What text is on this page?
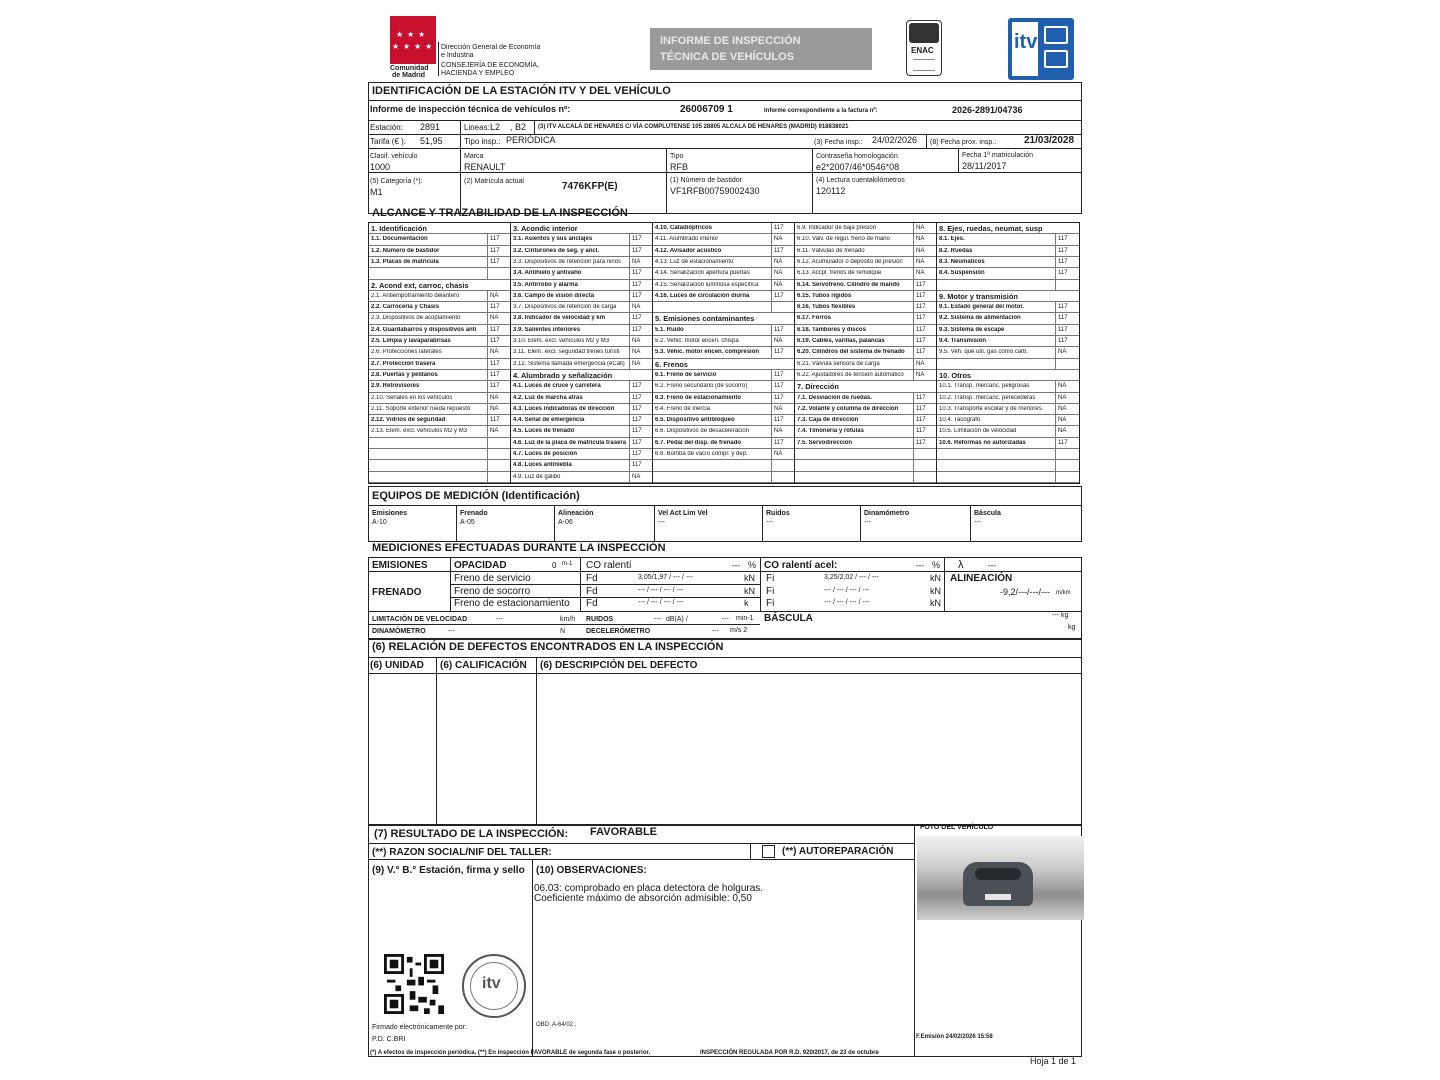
★ ★ ★
★ ★ ★ ★
Comunidad
de Madrid
Dirección General de Economía
e Industria
CONSEJERÍA DE ECONOMÍA,
HACIENDA Y EMPLEO
INFORME DE INSPECCIÓN
TÉCNICA DE VEHÍCULOS
ENAC	itv
IDENTIFICACIÓN DE LA ESTACIÓN ITV Y DEL VEHÍCULO
Informe de inspección técnica de vehículos nº:	26006709 1	Informe correspondiente a la factura nº:	2026-2891/04736
Estación: 2891	Lineas: L2 , B2 (3) ITV ALCALÁ DE HENARES C/ VÍA COMPLUTENSE 105 28805 ALCALA DE HENARES (MADRID) 918838021
Tarifa (€ ): 51,95	Tipo insp.: PERIÓDICA	(3) Fecha insp.: 24/02/2026 (8) Fecha prox. insp.:	21/03/2028
Clasif. vehículo
1000
Marca
RENAULT
Tipo
RFB
Contraseña homologación
e2*2007/46*0546*08
Fecha 1ª matriculación
28/11/2017
(5) Categoría (*):
M1
(2) Matrícula actual	7476KFP(E)
(1) Número de bastidor
VF1RFB00759002430
(4) Lectura cuentakilómetros
120112
ALCANCE Y TRAZABILIDAD DE LA INSPECCIÓN
1. Identificación
1.1. Documentación	117
1.2. Número de bastidor	117
1.3. Placas de matrícula	117
2. Acond ext, carroc, chasis
2.1. Antiempotramiento delantero	NA
2.2. Carrocería y Chasis	117
2.3. Dispositivos de acoplamiento	NA
2.4. Guardabarros y dispositivos anti	117
2.5. Limpia y lavaparabrisas	117
2.6. Protecciones laterales	NA
2.7. Protección trasera	117
2.8. Puertas y peldaños	117
2.9. Retrovisores	117
2.10. Señales en los vehículos	NA
2.11. Soporte exterior rueda repuesto	NA
2.12. Vidrios de seguridad	117
2.13. Elem. excl. vehículos M2 y M3	NA
3. Acondic interior
3.1. Asientos y sus anclajes	117
3.2. Cinturones de seg. y ancl.	117
3.3. Dispositivos de retención para niños	NA
3.4. Antihielo y antivaho	117
3.5. Antirrobo y alarma	117
3.6. Campo de visión directa	117
3.7. Dispositivos de retención de carga	NA
3.8. Indicador de velocidad y km	117
3.9. Salientes interiores	117
3.10. Elem. excl. vehículos M2 y M3	NA
3.11. Elem. excl. seguridad trenes turísti	NA
3.12. Sistema llamada emergencia (eCall)	NA
4. Alumbrado y señalización
4.1. Luces de cruce y carretera	117
4.2. Luz de marcha atrás	117
4.3. Luces indicadoras de dirección	117
4.4. Señal de emergencia	117
4.5. Luces de frenado	117
4.6. Luz de la placa de matrícula trasera 117
4.7. Luces de posición	117
4.8. Luces antiniebla	117
4.9. Luz de gálibo	NA
4.10. Catadióptricos	117
4.11. Alumbrado interior	NA
4.12. Avisador acústico	117
4.13. Luz de estacionamiento	NA
4.14. Señalización apertura puertas	NA
4.15. Señalización luminosa específica	NA
4.16. Luces de circulación diurna	117
5. Emisiones contaminantes
5.1. Ruido	117
5.2. Vehic. motor encen. chispa	NA
5.3. Vehic. motor encen. compresión	117
6. Frenos
6.1. Freno de servicio	117
6.2. Freno secundario (de socorro)	117
6.3. Freno de estacionamiento	117
6.4. Freno de inercia	NA
6.5. Dispositivo antibloqueo	117
6.6. Dispositivos de desaceleración	NA
6.7. Pedal del disp. de frenado	117
6.8. Bomba de vacío compr. y dep.	NA
6.9. Indicador de baja presión	NA
6.10. Valv. de regul. freno de mano	NA
6.11. Válvulas de frenado	NA
6.12. Acumulador o depósito de presión	NA
6.13. Accpl. frenos de remolque	NA
6.14. Servofreno. Cilindro de mando	117
6.15. Tubos rígidos	117
6.16. Tubos flexibles	117
6.17. Forros	117
6.18. Tambores y discos	117
6.19. Cables, varillas, palancas	117
6.20. Cilindros del sistema de frenado	117
6.21. Válvula sensora de carga	NA
6.22. Ajustadores de tensión automático	NA
7. Dirección
7.1. Desviación de ruedas.	117
7.2. Volante y columna de dirección	117
7.3. Caja de dirección	117
7.4. Timonería y rótulas	117
7.5. Servodirección	117
8. Ejes, ruedas, neumat, susp
8.1. Ejes.	117
8.2. Ruedas	117
8.3. Neumáticos	117
8.4. Suspensión	117
9. Motor y transmisión
9.1. Estado general del motor.	117
9.2. Sistema de alimentación	117
9.3. Sistema de escape	117
9.4. Transmisión	117
9.5. Veh. que util. gas como carb.	NA
10. Otros
10.1. Transp. mercanc. peligrosas	NA
10.2. Transp. mercanc. perecederas	NA
10.3. Transporte escolar y de menores.	NA
10.4. Tacógrafo	NA
10.5. Limitación de velocidad	NA
10.6. Reformas no autorizadas	117
EQUIPOS DE MEDICIÓN (Identificación)
Emisiones
A-10
Frenado
A-05
Alineación
A-06
Vel Act Lim Vel
---
Ruidos
---
Dinamómetro
---
Báscula
---
MEDICIONES EFECTUADAS DURANTE LA INSPECCIÓN
EMISIONES	OPACIDAD	0 m-1 CO ralentí	--- % CO ralentí acel:	--- % λ	---
FRENADO
Freno de servicio	Fd	3,05/1,97 / --- / ---	kN Fi	3,25/2,02 / --- / ---	kN
Freno de socorro	Fd	--- / --- / --- / ---	kN Fi	--- / --- / --- / ---	kN
Freno de estacionamiento Fd	--- / --- / --- / ---	k Fi	--- / --- / --- / ---	kN
ALINEACIÓN
-9,2/---/---/--- m/km
LIMITACIÓN DE VELOCIDAD	---	km/h RUIDOS	--- dB(A) /	--- min-1 BÁSCULA	--- kg
kg
DINAMÓMETRO	---	N	DECELERÓMETRO	--- m/s 2
(6) RELACIÓN DE DEFECTOS ENCONTRADOS EN LA INSPECCIÓN
(6) UNIDAD (6) CALIFICACIÓN (6) DESCRIPCIÓN DEL DEFECTO
(7) RESULTADO DE LA INSPECCIÓN: FAVORABLE	FOTO DEL VEHÍCULO
(**) RAZON SOCIAL/NIF DEL TALLER:	(**) AUTOREPARACIÓN
(9) V.° B.° Estación, firma y sello (10) OBSERVACIONES:
06.03: comprobado en placa detectora de holguras.
Coeficiente máximo de absorción admisible: 0,50
itv
Firmado electrónicamente por:
P.D. C.BRI
OBD: A-64/02 ;
F.Emisión 24/02/2026 15:58
(*) A efectos de inspección periódica. (**) En inspección FAVORABLE de segunda fase o posterior.	INSPECCIÓN REGULADA POR R.D. 920/2017, de 23 de octubre
Hoja 1 de 1
